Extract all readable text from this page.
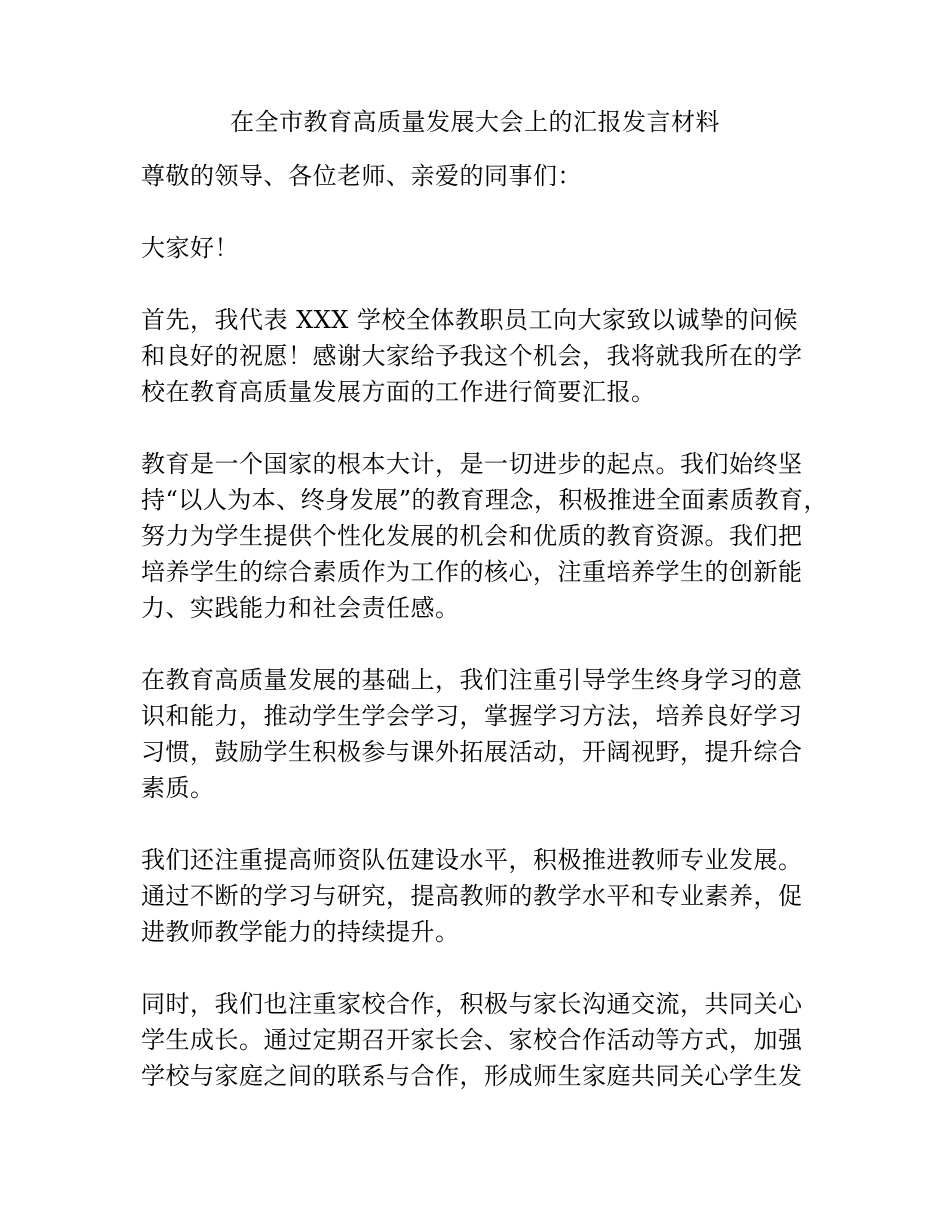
在全市教育高质量发展大会上的汇报发言材料

尊敬的领导、各位老师、亲爱的同事们：

大家好！

首先，我代表 XXX 学校全体教职员工向大家致以诚挚的问候
和良好的祝愿！感谢大家给予我这个机会，我将就我所在的学
校在教育高质量发展方面的工作进行简要汇报。

教育是一个国家的根本大计，是一切进步的起点。我们始终坚
持“以人为本、终身发展”的教育理念，积极推进全面素质教育，
努力为学生提供个性化发展的机会和优质的教育资源。我们把
培养学生的综合素质作为工作的核心，注重培养学生的创新能
力、实践能力和社会责任感。

在教育高质量发展的基础上，我们注重引导学生终身学习的意
识和能力，推动学生学会学习，掌握学习方法，培养良好学习
习惯，鼓励学生积极参与课外拓展活动，开阔视野，提升综合
素质。

我们还注重提高师资队伍建设水平，积极推进教师专业发展。
通过不断的学习与研究，提高教师的教学水平和专业素养，促
进教师教学能力的持续提升。

同时，我们也注重家校合作，积极与家长沟通交流，共同关心
学生成长。通过定期召开家长会、家校合作活动等方式，加强
学校与家庭之间的联系与合作，形成师生家庭共同关心学生发
